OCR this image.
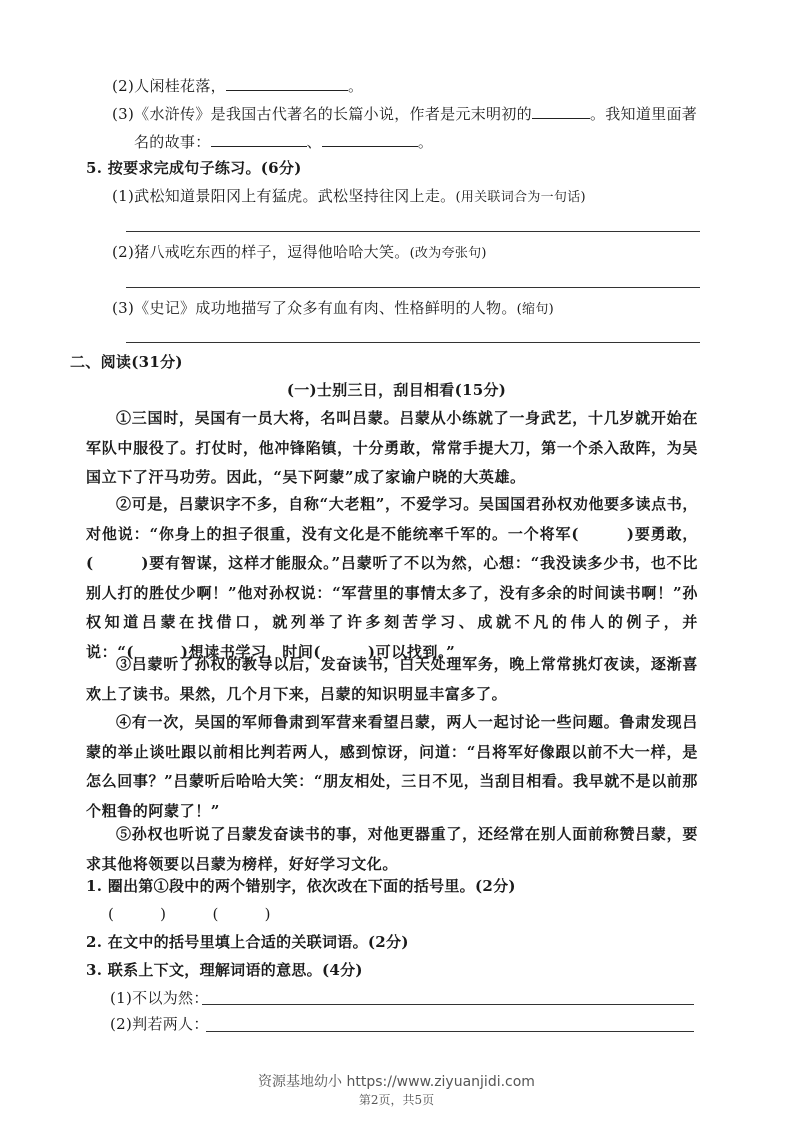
(2)人闲桂花落，	。
(3)《水浒传》是我国古代著名的长篇小说，作者是元末明初的	。我知道里面著
名的故事：	、	。
5. 按要求完成句子练习。(6分)
(1)武松知道景阳冈上有猛虎。武松坚持往冈上走。(用关联词合为一句话)
(2)猪八戒吃东西的样子，逗得他哈哈大笑。(改为夸张句)
(3)《史记》成功地描写了众多有血有肉、性格鲜明的人物。(缩句)
二、阅读(31分)
(一)士别三日，刮目相看(15分)
①三国时，吴国有一员大将，名叫吕蒙。吕蒙从小练就了一身武艺，十几岁就开始在军队中服役了。打仗时，他冲锋陷镇，十分勇敢，常常手提大刀，第一个杀入敌阵，为吴国立下了汗马功劳。因此，“吴下阿蒙”成了家谕户晓的大英雄。
②可是，吕蒙识字不多，自称“大老粗”，不爱学习。吴国国君孙权劝他要多读点书，对他说：“你身上的担子很重，没有文化是不能统率千军的。一个将军(　　　)要勇敢，(　　　)要有智谋，这样才能服众。”吕蒙听了不以为然，心想：“我没读多少书，也不比别人打的胜仗少啊！”他对孙权说：“军营里的事情太多了，没有多余的时间读书啊！”孙权知道吕蒙在找借口，就列举了许多刻苦学习、成就不凡的伟人的例子，并说：“(　　　)想读书学习，时间(　　　)可以找到。”
③吕蒙听了孙权的教导以后，发奋读书，白天处理军务，晚上常常挑灯夜读，逐渐喜欢上了读书。果然，几个月下来，吕蒙的知识明显丰富多了。
④有一次，吴国的军师鲁肃到军营来看望吕蒙，两人一起讨论一些问题。鲁肃发现吕蒙的举止谈吐跟以前相比判若两人，感到惊讶，问道：“吕将军好像跟以前不大一样，是怎么回事？”吕蒙听后哈哈大笑：“朋友相处，三日不见，当刮目相看。我早就不是以前那个粗鲁的阿蒙了！”
⑤孙权也听说了吕蒙发奋读书的事，对他更器重了，还经常在别人面前称赞吕蒙，要求其他将领要以吕蒙为榜样，好好学习文化。
1. 圈出第①段中的两个错别字，依次改在下面的括号里。(2分)
(	)	(	)
2. 在文中的括号里填上合适的关联词语。(2分)
3. 联系上下文，理解词语的意思。(4分)
(1)不以为然：
(2)判若两人：
资源基地幼小 https://www.ziyuanjidi.com
第2页，共5页
